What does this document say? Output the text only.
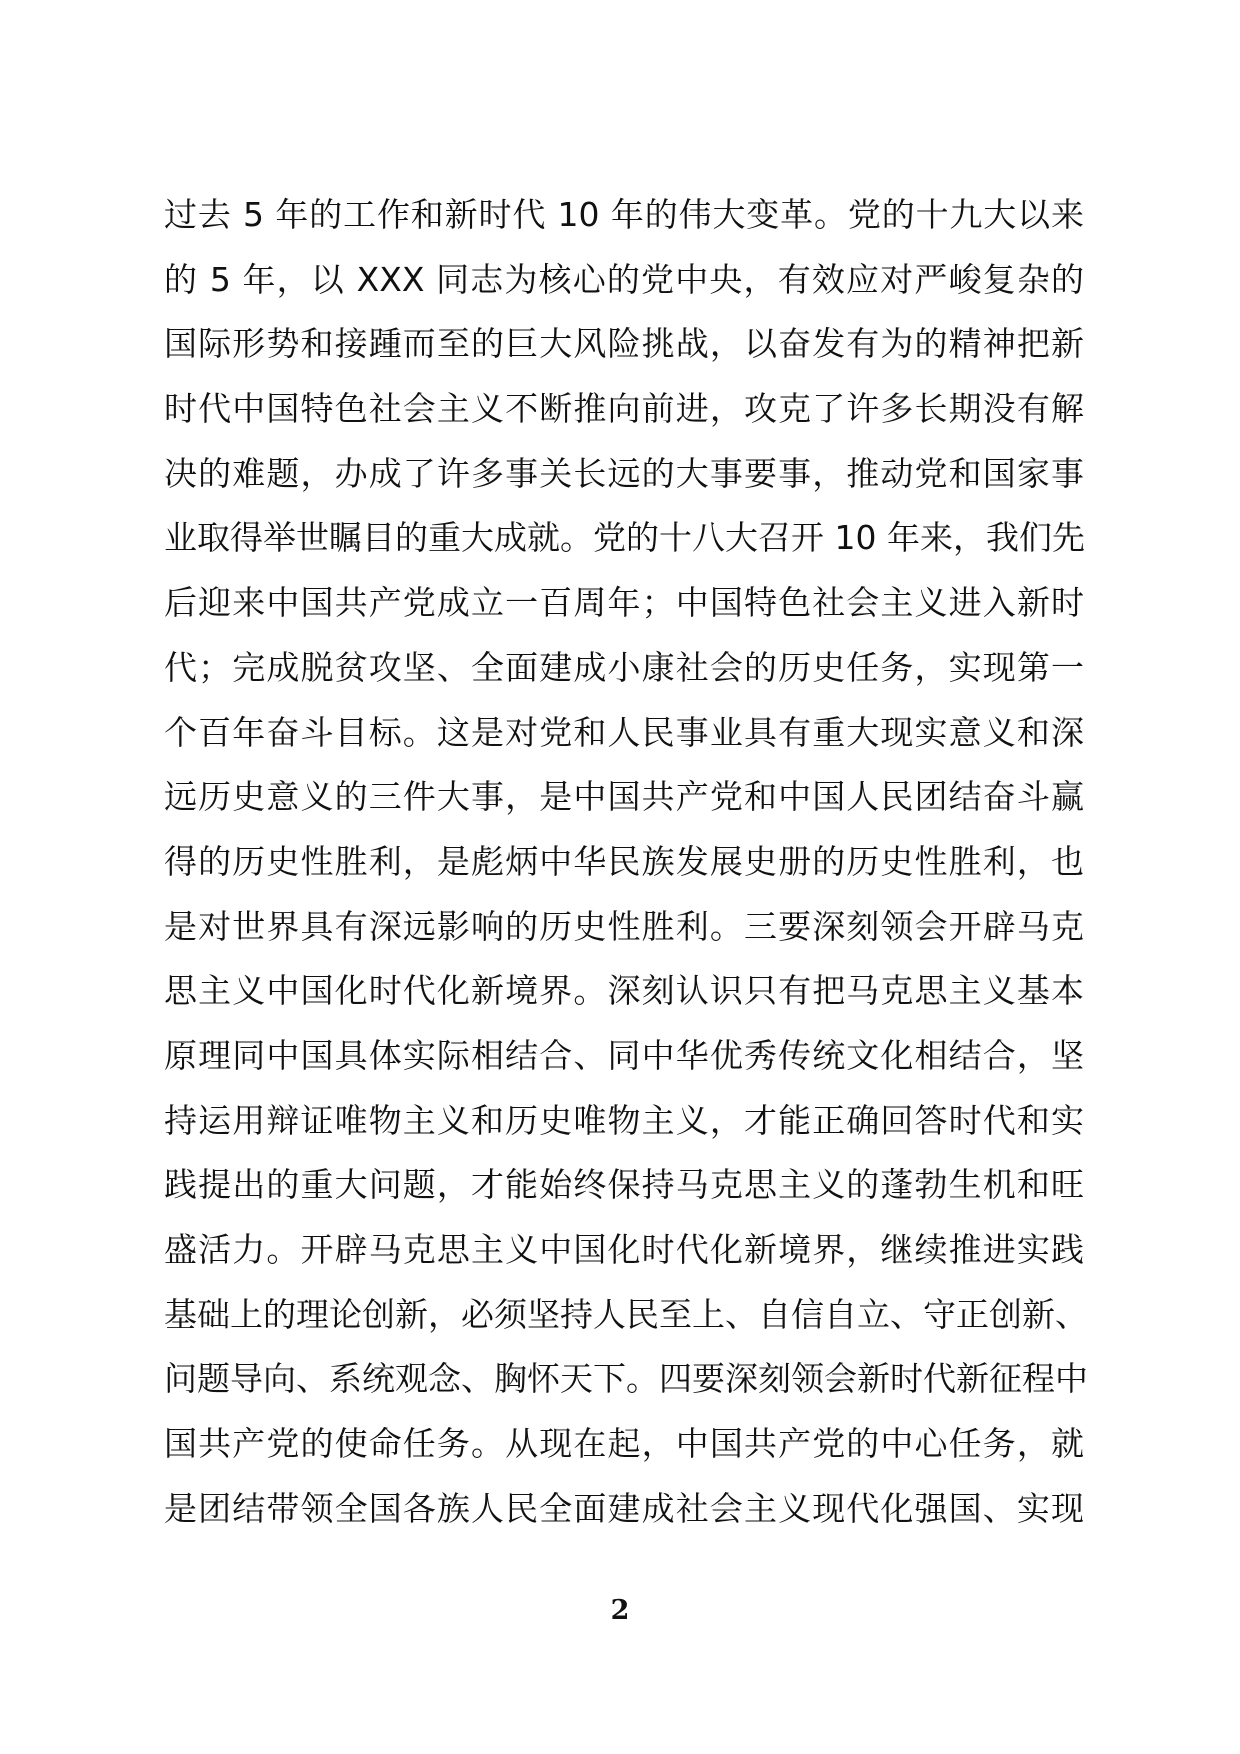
过去 5 年的工作和新时代 10 年的伟大变革。党的十九大以来
的 5 年，以 XXX 同志为核心的党中央，有效应对严峻复杂的
国际形势和接踵而至的巨大风险挑战，以奋发有为的精神把新
时代中国特色社会主义不断推向前进，攻克了许多长期没有解
决的难题，办成了许多事关长远的大事要事，推动党和国家事
业取得举世瞩目的重大成就。党的十八大召开 10 年来，我们先
后迎来中国共产党成立一百周年；中国特色社会主义进入新时
代；完成脱贫攻坚、全面建成小康社会的历史任务，实现第一
个百年奋斗目标。这是对党和人民事业具有重大现实意义和深
远历史意义的三件大事，是中国共产党和中国人民团结奋斗赢
得的历史性胜利，是彪炳中华民族发展史册的历史性胜利，也
是对世界具有深远影响的历史性胜利。三要深刻领会开辟马克
思主义中国化时代化新境界。深刻认识只有把马克思主义基本
原理同中国具体实际相结合、同中华优秀传统文化相结合，坚
持运用辩证唯物主义和历史唯物主义，才能正确回答时代和实
践提出的重大问题，才能始终保持马克思主义的蓬勃生机和旺
盛活力。开辟马克思主义中国化时代化新境界，继续推进实践
基础上的理论创新，必须坚持人民至上、自信自立、守正创新、
问题导向、系统观念、胸怀天下。四要深刻领会新时代新征程中
国共产党的使命任务。从现在起，中国共产党的中心任务，就
是团结带领全国各族人民全面建成社会主义现代化强国、实现
2
